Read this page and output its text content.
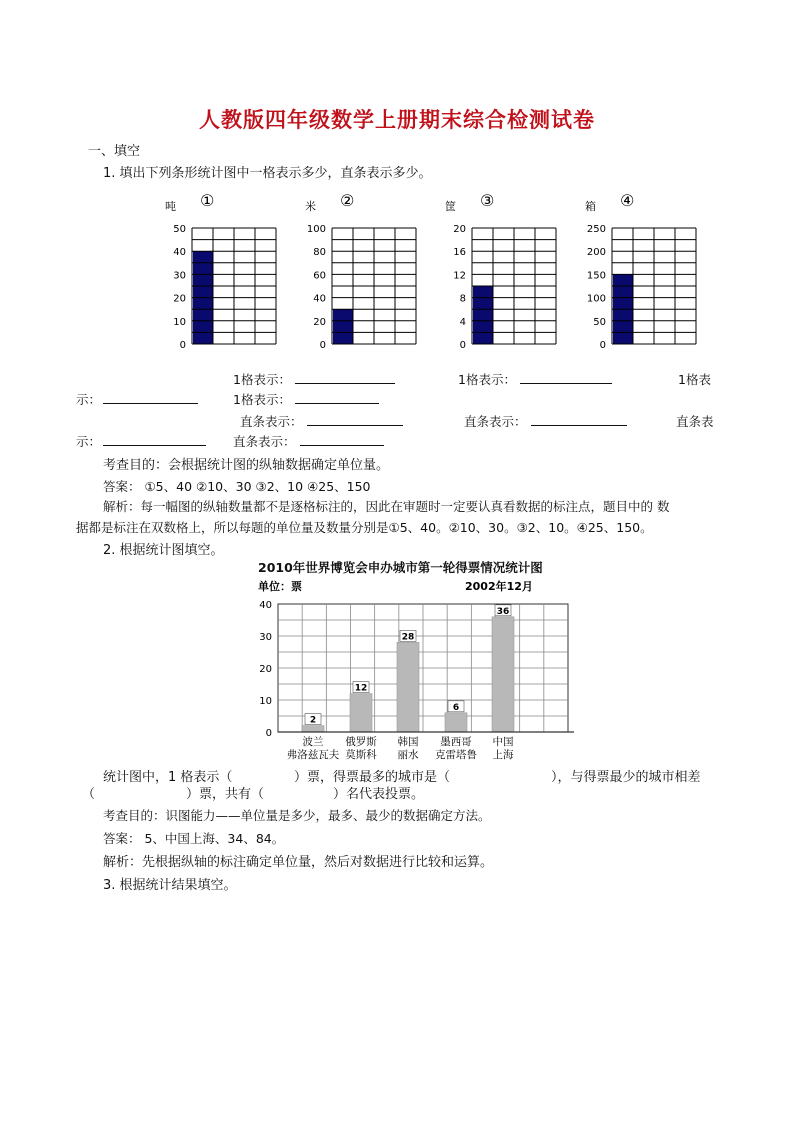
人教版四年级数学上册期末综合检测试卷
一、填空
1. 填出下列条形统计图中一格表示多少，直条表示多少。
吨 ①
0
10
20
30
40
50
米 ②
0
20
40
60
80
100
筐 ③
0
4
8
12
16
20
箱 ④
0
50
100
150
200
250
1格表示：	1格表示：	1格表
示：	1格表示：
直条表示：	直条表示：	直条表
示：	直条表示：
考查目的：会根据统计图的纵轴数据确定单位量。
答案： ①5、40 ②10、30 ③2、10 ④25、150
解析：每一幅图的纵轴数量都不是逐格标注的，因此在审题时一定要认真看数据的标注点，题目中的 数
据都是标注在双数格上，所以每题的单位量及数量分别是①5、40。②10、30。③2、10。④25、150。
2. 根据统计图填空。
2010年世界博览会申办城市第一轮得票情况统计图
单位：票	2002年12月
0
10
20
30
40
2
波兰
弗洛兹瓦夫
12
俄罗斯
莫斯科
28
韩国
丽水
6
墨西哥
克雷塔鲁
36
中国
上海
统计图中，1 格表示（	）票，得票最多的城市是（	），与得票最少的城市相差
（	）票，共有（	）名代表投票。
考查目的：识图能力——单位量是多少，最多、最少的数据确定方法。
答案： 5、中国上海、34、84。
解析：先根据纵轴的标注确定单位量，然后对数据进行比较和运算。
3. 根据统计结果填空。
